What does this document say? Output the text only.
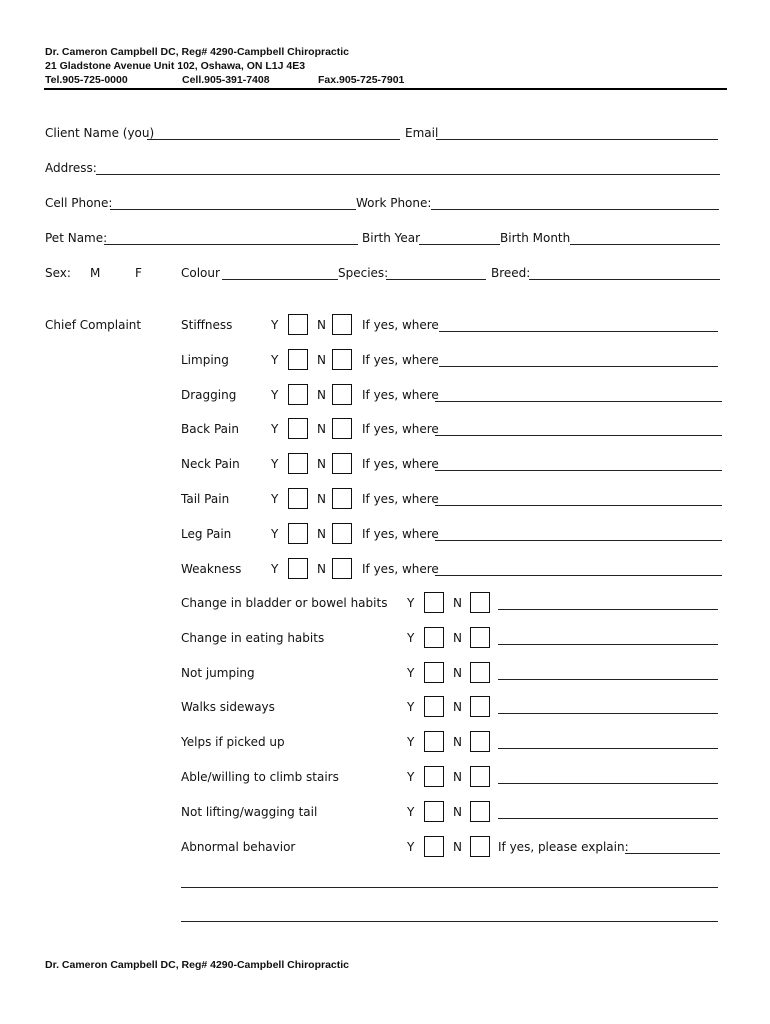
Dr. Cameron Campbell DC, Reg# 4290-Campbell Chiropractic
21 Gladstone Avenue Unit 102, Oshawa, ON L1J 4E3
Tel.905-725-0000	Cell.905-391-7408	Fax.905-725-7901
Client Name (you)	Email
Address:
Cell Phone:	Work Phone:
Pet Name:	Birth Year	Birth Month
Sex: M	F	Colour	Species:	Breed:
Chief Complaint	Stiffness	Y	N	If yes, where
Limping	Y	N	If yes, where
Dragging	Y	N	If yes, where
Back Pain	Y	N	If yes, where
Neck Pain	Y	N	If yes, where
Tail Pain	Y	N	If yes, where
Leg Pain	Y	N	If yes, where
Weakness Y	N	If yes, where
Change in bladder or bowel habits Y	N
Change in eating habits	Y	N
Not jumping	Y	N
Walks sideways	Y	N
Yelps if picked up	Y	N
Able/willing to climb stairs	Y	N
Not lifting/wagging tail	Y	N
Abnormal behavior	Y	N	If yes, please explain:
Dr. Cameron Campbell DC, Reg# 4290-Campbell Chiropractic
